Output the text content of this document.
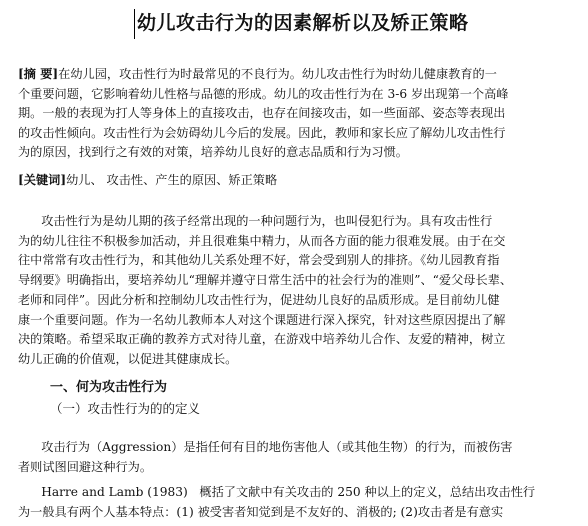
幼儿攻击行为的因素解析以及矫正策略
[摘 要]在幼儿园，攻击性行为时最常见的不良行为。幼儿攻击性行为时幼儿健康教育的一
个重要问题，它影响着幼儿性格与品德的形成。幼儿的攻击性行为在 3-6 岁出现第一个高峰
期。一般的表现为打人等身体上的直接攻击，也存在间接攻击，如一些面部、姿态等表现出
的攻击性倾向。攻击性行为会妨碍幼儿今后的发展。因此，教师和家长应了解幼儿攻击性行
为的原因，找到行之有效的对策，培养幼儿良好的意志品质和行为习惯。
[关键词]幼儿、 攻击性、产生的原因、矫正策略
攻击性行为是幼儿期的孩子经常出现的一种问题行为，也叫侵犯行为。具有攻击性行
为的幼儿往往不积极参加活动，并且很难集中精力，从而各方面的能力很难发展。由于在交
往中常常有攻击性行为，和其他幼儿关系处理不好，常会受到别人的排挤。《幼儿园教育指
导纲要》明确指出，要培养幼儿“理解并遵守日常生活中的社会行为的准则”、“爱父母长辈、
老师和同伴”。因此分析和控制幼儿攻击性行为，促进幼儿良好的品质形成。是目前幼儿健
康一个重要问题。作为一名幼儿教师本人对这个课题进行深入探究，针对这些原因提出了解
决的策略。希望采取正确的教养方式对待儿童，在游戏中培养幼儿合作、友爱的精神，树立
幼儿正确的价值观，以促进其健康成长。
一、何为攻击性行为
（一）攻击性行为的的定义
攻击行为（Aggression）是指任何有目的地伤害他人（或其他生物）的行为，而被伤害
者则试图回避这种行为。
Harre and Lamb (1983)   概括了文献中有关攻击的 250 种以上的定义，总结出攻击性行
为一般具有两个人基本特点：(1) 被受害者知觉到是不友好的、消极的; (2)攻击者是有意实
